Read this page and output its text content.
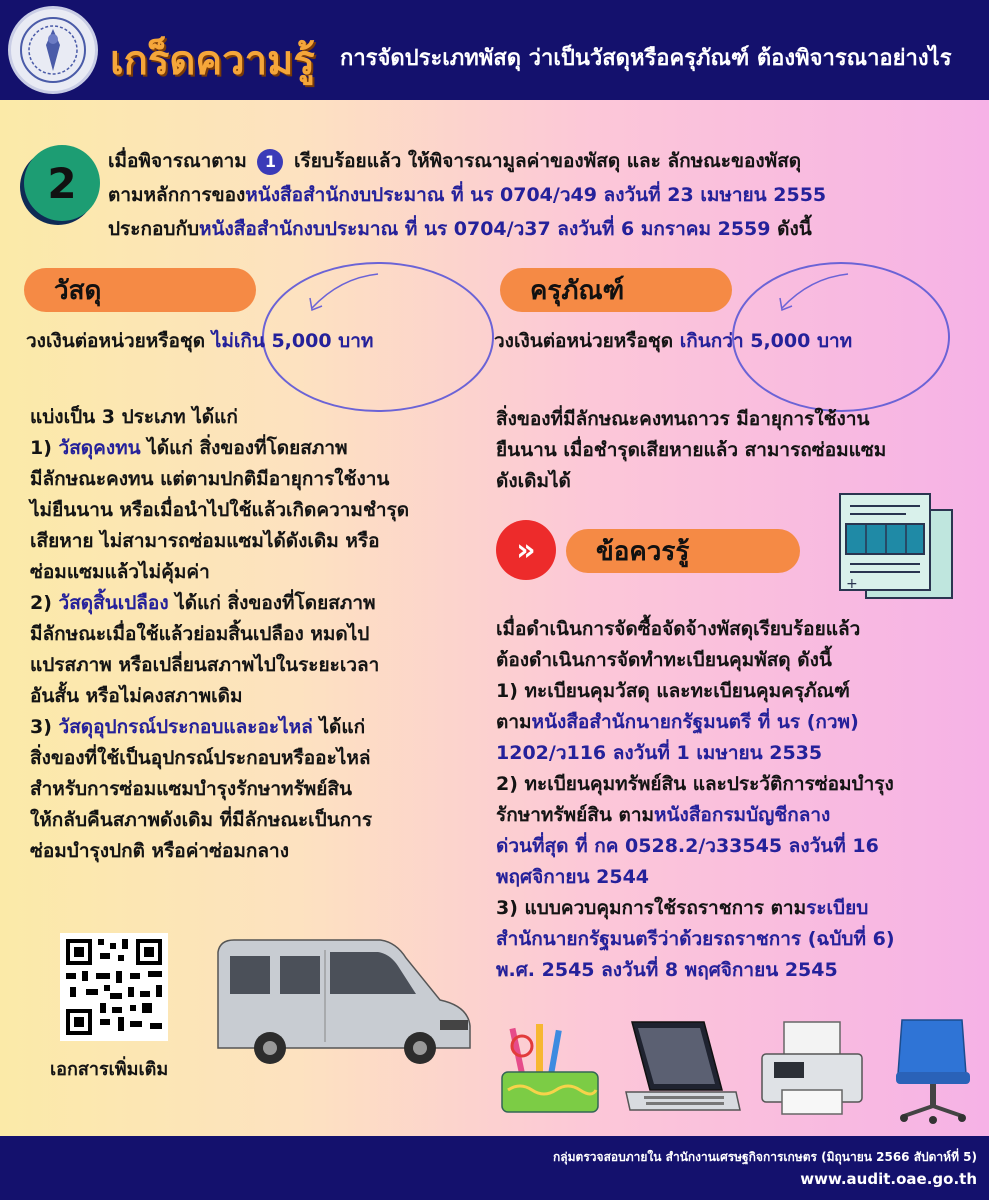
เกร็ดความรู้ การจัดประเภทพัสดุ ว่าเป็นวัสดุหรือครุภัณฑ์ ต้องพิจารณาอย่างไร
2	เมื่อพิจารณาตาม 1 เรียบร้อยแล้ว ให้พิจารณามูลค่าของพัสดุ และ ลักษณะของพัสดุ
ตามหลักการของหนังสือสำนักงบประมาณ ที่ นร 0704/ว49 ลงวันที่ 23 เมษายน 2555
ประกอบกับหนังสือสำนักงบประมาณ ที่ นร 0704/ว37 ลงวันที่ 6 มกราคม 2559 ดังนี้
วัสดุ
วงเงินต่อหน่วยหรือชุด ไม่เกิน 5,000 บาท

แบ่งเป็น 3 ประเภท ได้แก่

1) วัสดุคงทน ได้แก่ สิ่งของที่โดยสภาพ

มีลักษณะคงทน แต่ตามปกติมีอายุการใช้งาน

ไม่ยืนนาน หรือเมื่อนำไปใช้แล้วเกิดความชำรุด

เสียหาย ไม่สามารถซ่อมแซมได้ดังเดิม หรือ

ซ่อมแซมแล้วไม่คุ้มค่า

2) วัสดุสิ้นเปลือง ได้แก่ สิ่งของที่โดยสภาพ

มีลักษณะเมื่อใช้แล้วย่อมสิ้นเปลือง หมดไป

แปรสภาพ หรือเปลี่ยนสภาพไปในระยะเวลา

อันสั้น หรือไม่คงสภาพเดิม

3) วัสดุอุปกรณ์ประกอบและอะไหล่ ได้แก่

สิ่งของที่ใช้เป็นอุปกรณ์ประกอบหรืออะไหล่

สำหรับการซ่อมแซมบำรุงรักษาทรัพย์สิน

ให้กลับคืนสภาพดังเดิม ที่มีลักษณะเป็นการ

ซ่อมบำรุงปกติ หรือค่าซ่อมกลาง

ครุภัณฑ์
วงเงินต่อหน่วยหรือชุด เกินกว่า 5,000 บาท

สิ่งของที่มีลักษณะคงทนถาวร มีอายุการใช้งาน

ยืนนาน เมื่อชำรุดเสียหายแล้ว สามารถซ่อมแซม

ดังเดิมได้

+
»	ข้อควรรู้

เมื่อดำเนินการจัดซื้อจัดจ้างพัสดุเรียบร้อยแล้ว

ต้องดำเนินการจัดทำทะเบียนคุมพัสดุ ดังนี้

1) ทะเบียนคุมวัสดุ และทะเบียนคุมครุภัณฑ์

ตามหนังสือสำนักนายกรัฐมนตรี ที่ นร (กวพ)

1202/ว116 ลงวันที่ 1 เมษายน 2535

2) ทะเบียนคุมทรัพย์สิน และประวัติการซ่อมบำรุง

รักษาทรัพย์สิน ตามหนังสือกรมบัญชีกลาง

ด่วนที่สุด ที่ กค 0528.2/ว33545 ลงวันที่ 16

พฤศจิกายน 2544

3) แบบควบคุมการใช้รถราชการ ตามระเบียบ

สำนักนายกรัฐมนตรีว่าด้วยรถราชการ (ฉบับที่ 6)

พ.ศ. 2545 ลงวันที่ 8 พฤศจิกายน 2545

เอกสารเพิ่มเติม
กลุ่มตรวจสอบภายใน สำนักงานเศรษฐกิจการเกษตร (มิถุนายน 2566 สัปดาห์ที่ 5)
www.audit.oae.go.th
